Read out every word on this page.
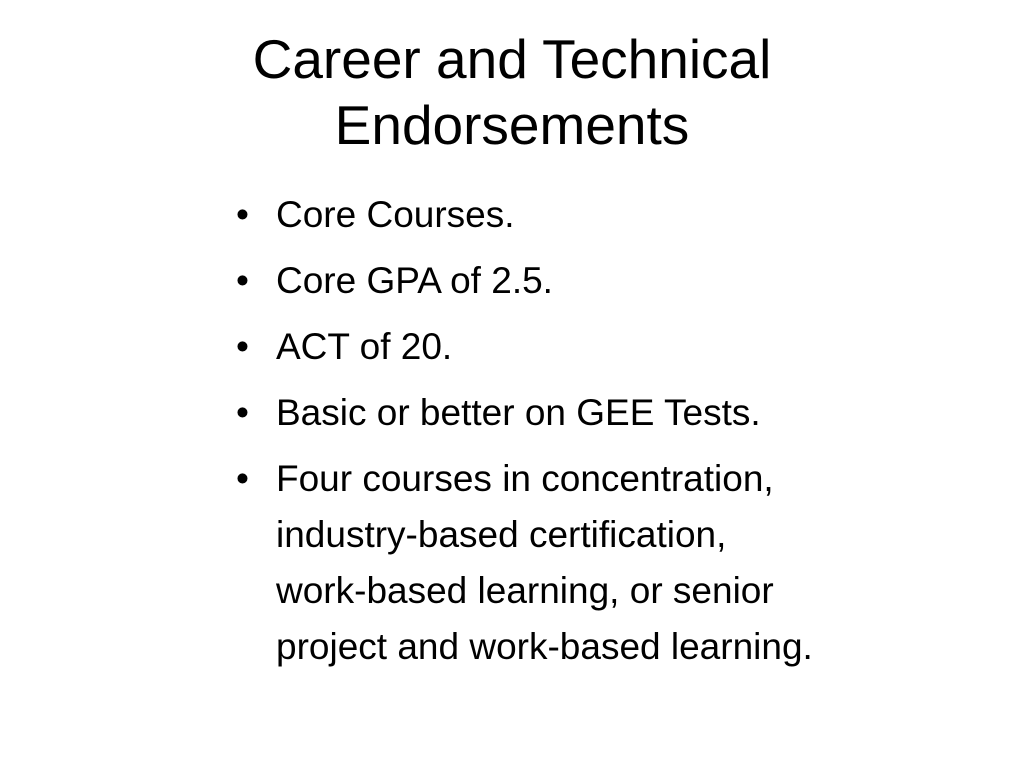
Career and Technical
Endorsements
• Core Courses.
• Core GPA of 2.5.
• ACT of 20.
• Basic or better on GEE Tests.
• Four courses in concentration,
industry-based certification,
work-based learning, or senior
project and work-based learning.
